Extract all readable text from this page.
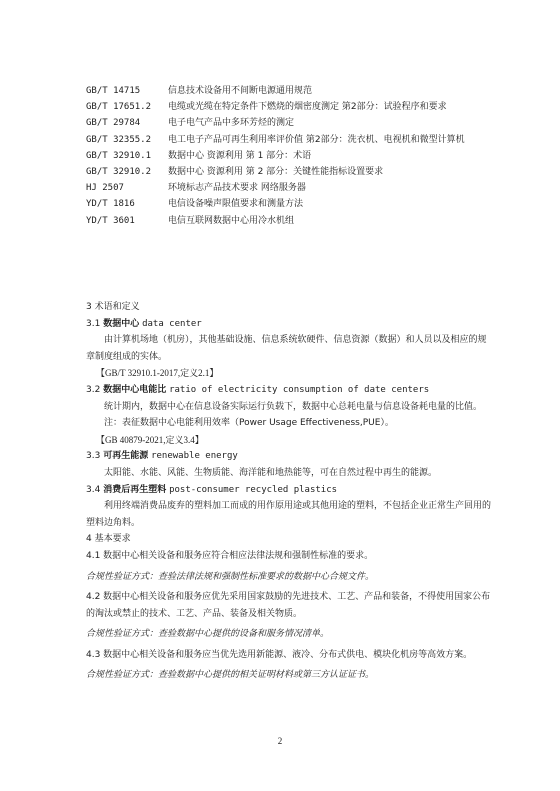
GB/T 14715	信息技术设备用不间断电源通用规范
GB/T 17651.2	电缆或光缆在特定条件下燃烧的烟密度测定 第2部分：试验程序和要求
GB/T 29784	电子电气产品中多环芳烃的测定
GB/T 32355.2	电工电子产品可再生利用率评价值 第2部分：洗衣机、电视机和微型计算机
GB/T 32910.1	数据中心 资源利用 第 1 部分：术语
GB/T 32910.2	数据中心 资源利用 第 2 部分：关键性能指标设置要求
HJ 2507	环境标志产品技术要求 网络服务器
YD/T 1816	电信设备噪声限值要求和测量方法
YD/T 3601	电信互联网数据中心用冷水机组
3 术语和定义
3.1 数据中心 data center
由计算机场地（机房），其他基础设施、信息系统软硬件、信息资源（数据）和人员以及相应的规章制度组成的实体。
【GB/T 32910.1-2017,定义2.1】
3.2 数据中心电能比 ratio of electricity consumption of date centers
统计期内，数据中心在信息设备实际运行负载下，数据中心总耗电量与信息设备耗电量的比值。
注：表征数据中心电能利用效率（Power Usage Effectiveness,PUE）。
【GB 40879-2021,定义3.4】
3.3 可再生能源 renewable energy
太阳能、水能、风能、生物质能、海洋能和地热能等，可在自然过程中再生的能源。
3.4 消费后再生塑料 post-consumer recycled plastics
利用终端消费品废弃的塑料加工而成的用作原用途或其他用途的塑料，不包括企业正常生产回用的塑料边角料。
4 基本要求
4.1 数据中心相关设备和服务应符合相应法律法规和强制性标准的要求。
合规性验证方式：查验法律法规和强制性标准要求的数据中心合规文件。
4.2 数据中心相关设备和服务应优先采用国家鼓励的先进技术、工艺、产品和装备，不得使用国家公布的淘汰或禁止的技术、工艺、产品、装备及相关物质。
合规性验证方式：查验数据中心提供的设备和服务情况清单。
4.3 数据中心相关设备和服务应当优先选用新能源、液冷、分布式供电、模块化机房等高效方案。
合规性验证方式：查验数据中心提供的相关证明材料或第三方认证证书。
2
